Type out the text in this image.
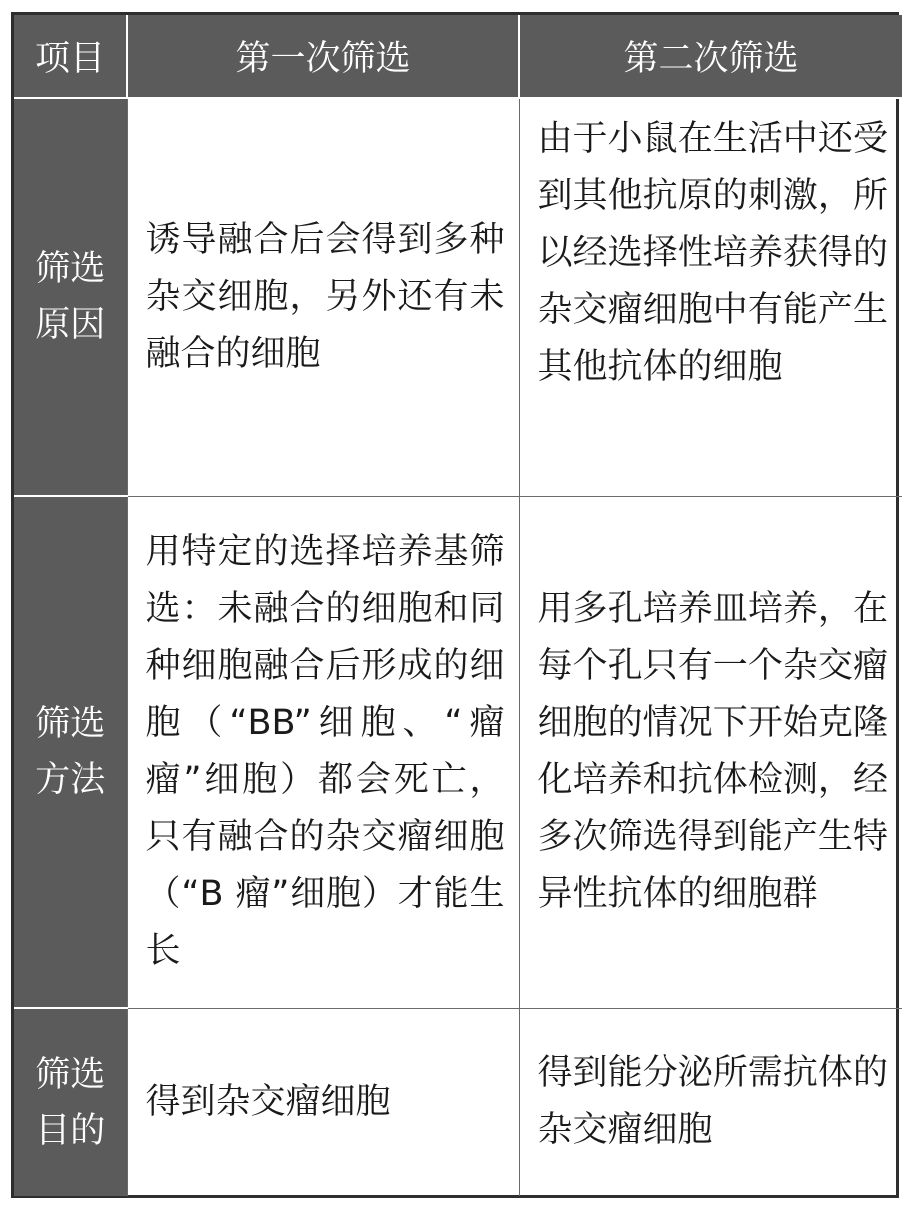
项目	第一次筛选	第二次筛选
筛选原因	诱导融合后会得到多种杂交细胞，另外还有未融合的细胞	由于小鼠在生活中还受到其他抗原的刺激，所以经选择性培养获得的杂交瘤细胞中有能产生其他抗体的细胞
筛选方法	用特定的选择培养基筛选：未融合的细胞和同种细胞融合后形成的细胞（“BB”细胞、“瘤瘤”细胞）都会死亡，只有融合的杂交瘤细胞（“B 瘤”细胞）才能生长	用多孔培养皿培养，在每个孔只有一个杂交瘤细胞的情况下开始克隆化培养和抗体检测，经多次筛选得到能产生特异性抗体的细胞群
筛选目的	得到杂交瘤细胞	得到能分泌所需抗体的杂交瘤细胞
